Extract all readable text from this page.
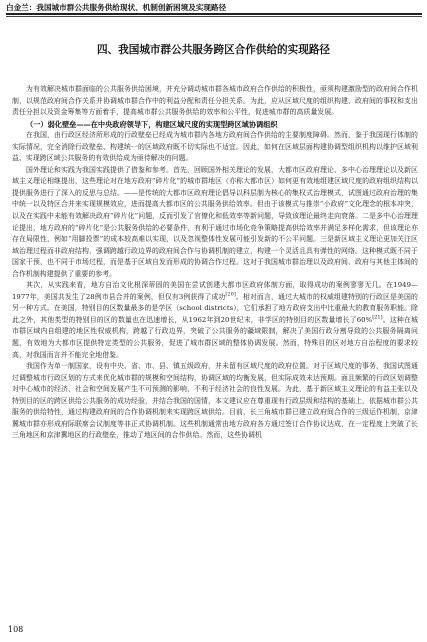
白金兰：我国城市群公共服务供给现状、机制创新困境及实现路径
四、我国城市群公共服务跨区合作供给的实现路径

为有效解决城市群面临的公共服务供给困境，并充分调动城市群各城市政府合作供给的积极性，亟须构建激励型的政府间合作机制，以规范政府间合作关系并协调城市群合作中的利益分配和责任分担关系。为此，应从区域尺度的组织构建、政府间的事权和支出责任分担以及资金筹集等方面着手，提高城市群公共服务供给的效率和公平性，促进城市群的高质量发展。

（一）弱化壁垒——在中央政府领导下，构建区域尺度的实现型跨区域协调组织

在我国，由行政区经济所形成的行政壁垒已经成为城市群内各地方政府间合作供给的主要制度障碍。然而，鉴于我国现行体制的实际情况，完全消除行政壁垒、构建统一的区域政府既不切实际也不适宜。因此，如何在区域层面构建协调型组织机构以维护区域利益、实现跨区域公共服务的有效供给成为亟待解决的问题。

国外理论和实践为我国实践提供了借鉴和参考。首先，回顾国外相关理论的发展，大都市区政府理论、多中心治理理论以及新区域主义理论相继提出，这些理论对在地方政府“碎片化”的城市群地区（亦称大都市区）如何更有效地组建区域尺度的政府组织结构以提供服务进行了深入的反思与总结。——是传统的大都市区政府理论倡导以科层制为核心的集权式治理模式，试图通过政府治理的集中统一以及特区合并来实现规模效应，进而提高大都市区的公共服务供给效率。但由于该模式与推崇“小政府”文化理念的根本冲突，以及在实践中未能有效解决政府“碎片化”问题，反而引发了官僚化和低效率等新问题，导致该理论最终走向衰落。二是多中心治理理论提出，地方政府的“碎片化”是公共服务供给的必要条件，有利于通过市场化竞争策略提高供给效率并满足多样化需求，但该理论亦存在局限性，例如“用脚投票”的成本较高难以实现，以及忽视整体性发展可能引发新的不公平问题。三是新区域主义理论更加关注区域治理过程而非政府结构，强调跨越行政边界的政府间合作与协调机制的建立，构建一个灵活且具有弹性的网络。这种模式既不同于国家干预，也不同于市场过程，而是基于区域自发而形成的协调合作过程。这对于我国城市群治理以及政府间、政府与其他主体间的合作机制构建提供了重要的参考。

其次，从实践来看，地方自治文化根深蒂固的美国在尝试创建大都市区政府体制方面，取得成功的案例寥寥无几。在1949—1977年，美国共发生了28例市县合并的案例，但仅有3例获得了成功[20]。相对而言，通过大城市的权威组建特别的行政区是美国的另一种方式。在美国，特别目的区数量最多的是学区（school districts），它们承担了地方政府支出中比重最大的教育服务职能。除此之外，其他类型的特别目的区的数量也在迅速增长，从1962年到20世纪末，非学区的特别目的区数量增长了60%[21]。这种在城市群区域内自组建的地区性权威机构，跨越了行政边界，突破了公共服务的疆域限制，解决了美国行政分割导致的公共服务隔离问题，有效地为大都市区提供特定类型的公共服务，促进了城市群区域的整体协调发展。然而，特殊目的区对地方自治程度的要求较高，对我国而言并不能完全地借鉴。

我国作为单一制国家，设有中央、省、市、县、镇五级政府，并未留有区域尺度的政府位置。对于区域尺度的事务，我国试图通过调整城市行政区划的方式来优化城市群的规模和空间结构，协调区域的均衡发展，但实际成效未达预期。面且频繁的行政区划调整对中心城市的经济、社会和空间发展产生不可预测的影响，不利于经济社会的良性发展。为此，基于新区域主义理论的有益主张以及特别目的区的跨区供给公共服务的成功经验，并结合我国的国情，本文建议应在尊重现有行政层级和结构的基础上，依据城市群公共服务的供给特性，通过构建政府间的合作协调机制来实现跨区域供给。目前，长三角城市群已建立政府间合作的三级运作机制，京津冀城市群亦形成府际联席会议制度等非正式协调机制。这些机制通常由地方政府各方通过签订合作协议达成，在一定程度上突破了长三角地区和京津冀地区的行政壁垒，推动了地区间的合作供给。然而，这些协调机

108
